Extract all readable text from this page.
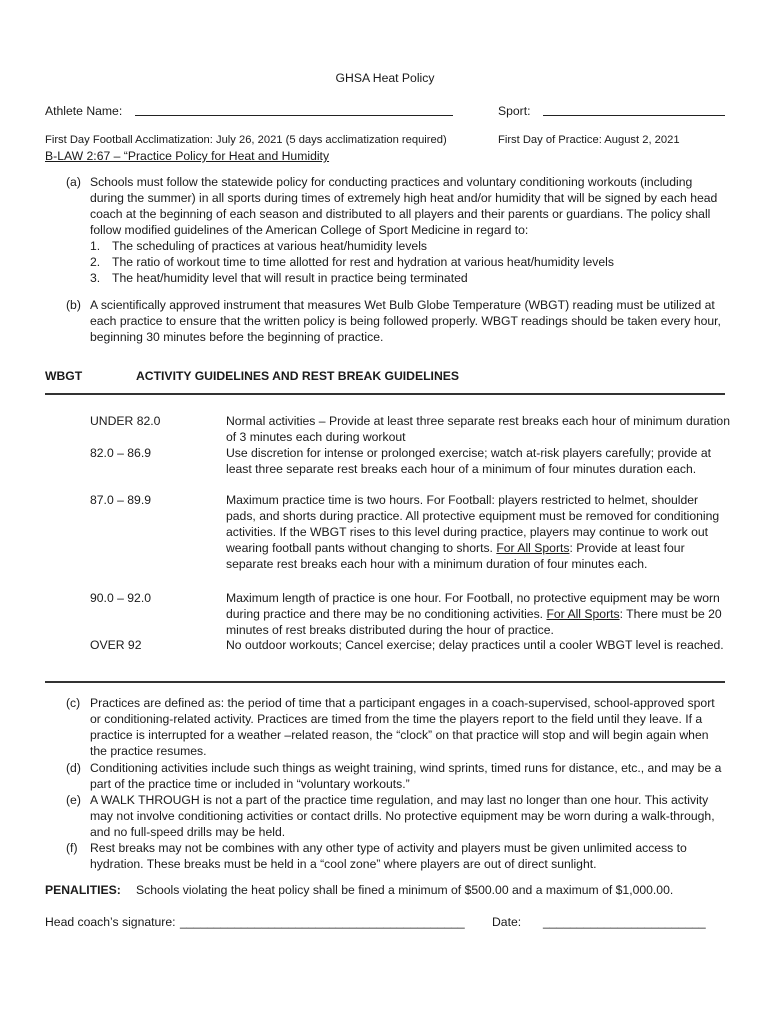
GHSA Heat Policy
Athlete Name:	Sport:
First Day Football Acclimatization: July 26, 2021 (5 days acclimatization required)	First Day of Practice: August 2, 2021
B-LAW 2:67 – “Practice Policy for Heat and Humidity
(a) Schools must follow the statewide policy for conducting practices and voluntary conditioning workouts (including during the summer) in all sports during times of extremely high heat and/or humidity that will be signed by each head coach at the beginning of each season and distributed to all players and their parents or guardians. The policy shall follow modified guidelines of the American College of Sport Medicine in regard to:
1. The scheduling of practices at various heat/humidity levels
2. The ratio of workout time to time allotted for rest and hydration at various heat/humidity levels
3. The heat/humidity level that will result in practice being terminated
(b) A scientifically approved instrument that measures Wet Bulb Globe Temperature (WBGT) reading must be utilized at each practice to ensure that the written policy is being followed properly. WBGT readings should be taken every hour, beginning 30 minutes before the beginning of practice.
WBGT	ACTIVITY GUIDELINES AND REST BREAK GUIDELINES
UNDER 82.0	Normal activities – Provide at least three separate rest breaks each hour of minimum duration of 3 minutes each during workout
82.0 – 86.9	Use discretion for intense or prolonged exercise; watch at-risk players carefully; provide at least three separate rest breaks each hour of a minimum of four minutes duration each.
87.0 – 89.9	Maximum practice time is two hours. For Football: players restricted to helmet, shoulder pads, and shorts during practice. All protective equipment must be removed for conditioning activities. If the WBGT rises to this level during practice, players may continue to work out wearing football pants without changing to shorts. For All Sports: Provide at least four separate rest breaks each hour with a minimum duration of four minutes each.
90.0 – 92.0	Maximum length of practice is one hour. For Football, no protective equipment may be worn during practice and there may be no conditioning activities. For All Sports: There must be 20 minutes of rest breaks distributed during the hour of practice.
OVER 92	No outdoor workouts; Cancel exercise; delay practices until a cooler WBGT level is reached.
(c) Practices are defined as: the period of time that a participant engages in a coach-supervised, school-approved sport or conditioning-related activity. Practices are timed from the time the players report to the field until they leave. If a practice is interrupted for a weather –related reason, the “clock” on that practice will stop and will begin again when the practice resumes.
(d) Conditioning activities include such things as weight training, wind sprints, timed runs for distance, etc., and may be a part of the practice time or included in “voluntary workouts.”
(e) A WALK THROUGH is not a part of the practice time regulation, and may last no longer than one hour. This activity may not involve conditioning activities or contact drills. No protective equipment may be worn during a walk-through, and no full-speed drills may be held.
(f)	Rest breaks may not be combines with any other type of activity and players must be given unlimited access to hydration. These breaks must be held in a “cool zone” where players are out of direct sunlight.
PENALITIES: Schools violating the heat policy shall be fined a minimum of $500.00 and a maximum of $1,000.00.
Head coach’s signature: __________________________________________ Date: ________________________
